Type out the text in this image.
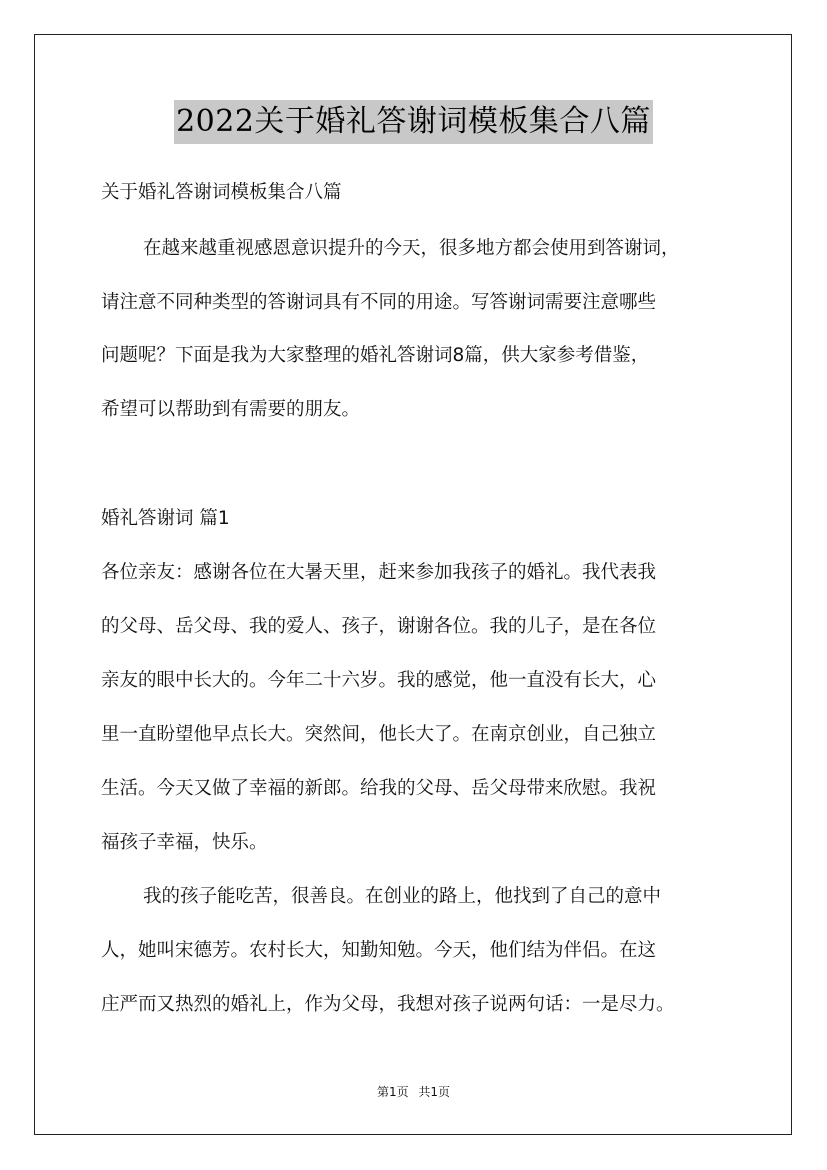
2022关于婚礼答谢词模板集合八篇
关于婚礼答谢词模板集合八篇
在越来越重视感恩意识提升的今天，很多地方都会使用到答谢词，
请注意不同种类型的答谢词具有不同的用途。写答谢词需要注意哪些
问题呢？下面是我为大家整理的婚礼答谢词8篇，供大家参考借鉴，
希望可以帮助到有需要的朋友。
婚礼答谢词 篇1
各位亲友：感谢各位在大暑天里，赶来参加我孩子的婚礼。我代表我
的父母、岳父母、我的爱人、孩子，谢谢各位。我的儿子，是在各位
亲友的眼中长大的。今年二十六岁。我的感觉，他一直没有长大，心
里一直盼望他早点长大。突然间，他长大了。在南京创业，自己独立
生活。今天又做了幸福的新郎。给我的父母、岳父母带来欣慰。我祝
福孩子幸福，快乐。
我的孩子能吃苦，很善良。在创业的路上，他找到了自己的意中
人，她叫宋德芳。农村长大，知勤知勉。今天，他们结为伴侣。在这
庄严而又热烈的婚礼上，作为父母，我想对孩子说两句话：一是尽力。
第1页 共1页
